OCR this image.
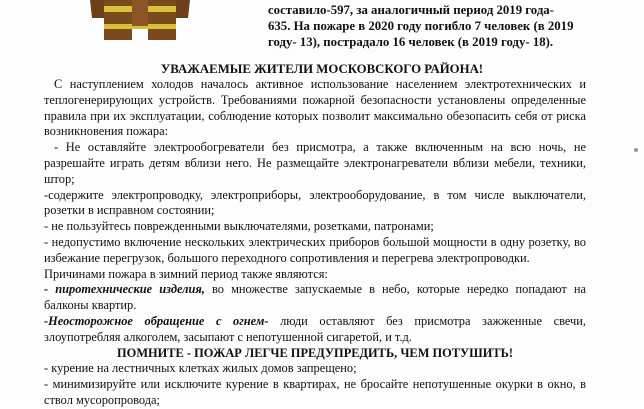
составило-597, за аналогичный период 2019 года-
635. На пожаре в 2020 году погибло 7 человек (в 2019
году- 13), пострадало 16 человек (в 2019 году- 18).
УВАЖАЕМЫЕ ЖИТЕЛИ МОСКОВСКОГО РАЙОНА!

С наступлением холодов началось активное использование населением электротехнических и теплогенерирующих устройств. Требованиями пожарной безопасности установлены определенные правила при их эксплуатации, соблюдение которых позволит максимально обезопасить себя от риска возникновения пожара:

- Не оставляйте электрообогреватели без присмотра, а также включенным на всю ночь, не разрешайте играть детям вблизи него. Не размещайте электронагреватели вблизи мебели, техники, штор;

-содержите электропроводку, электроприборы, электрооборудование, в том числе выключатели, розетки в исправном состоянии;

- не пользуйтесь поврежденными выключателями, розетками, патронами;

- недопустимо включение нескольких электрических приборов большой мощности в одну розетку, во избежание перегрузок, большого переходного сопротивления и перегрева электропроводки.

Причинами пожара в зимний период также являются:

- пиротехнические изделия, во множестве запускаемые в небо, которые нередко попадают на балконы квартир.

-Неосторожное обращение с огнем- люди оставляют без присмотра зажженные свечи, злоупотребляя алкоголем, засыпают с непотушенной сигаретой, и т.д.

ПОМНИТЕ - ПОЖАР ЛЕГЧЕ ПРЕДУПРЕДИТЬ, ЧЕМ ПОТУШИТЬ!

- курение на лестничных клетках жилых домов запрещено;

- минимизируйте или исключите курение в квартирах, не бросайте непотушенные окурки в окно, в ствол мусоропровода;
